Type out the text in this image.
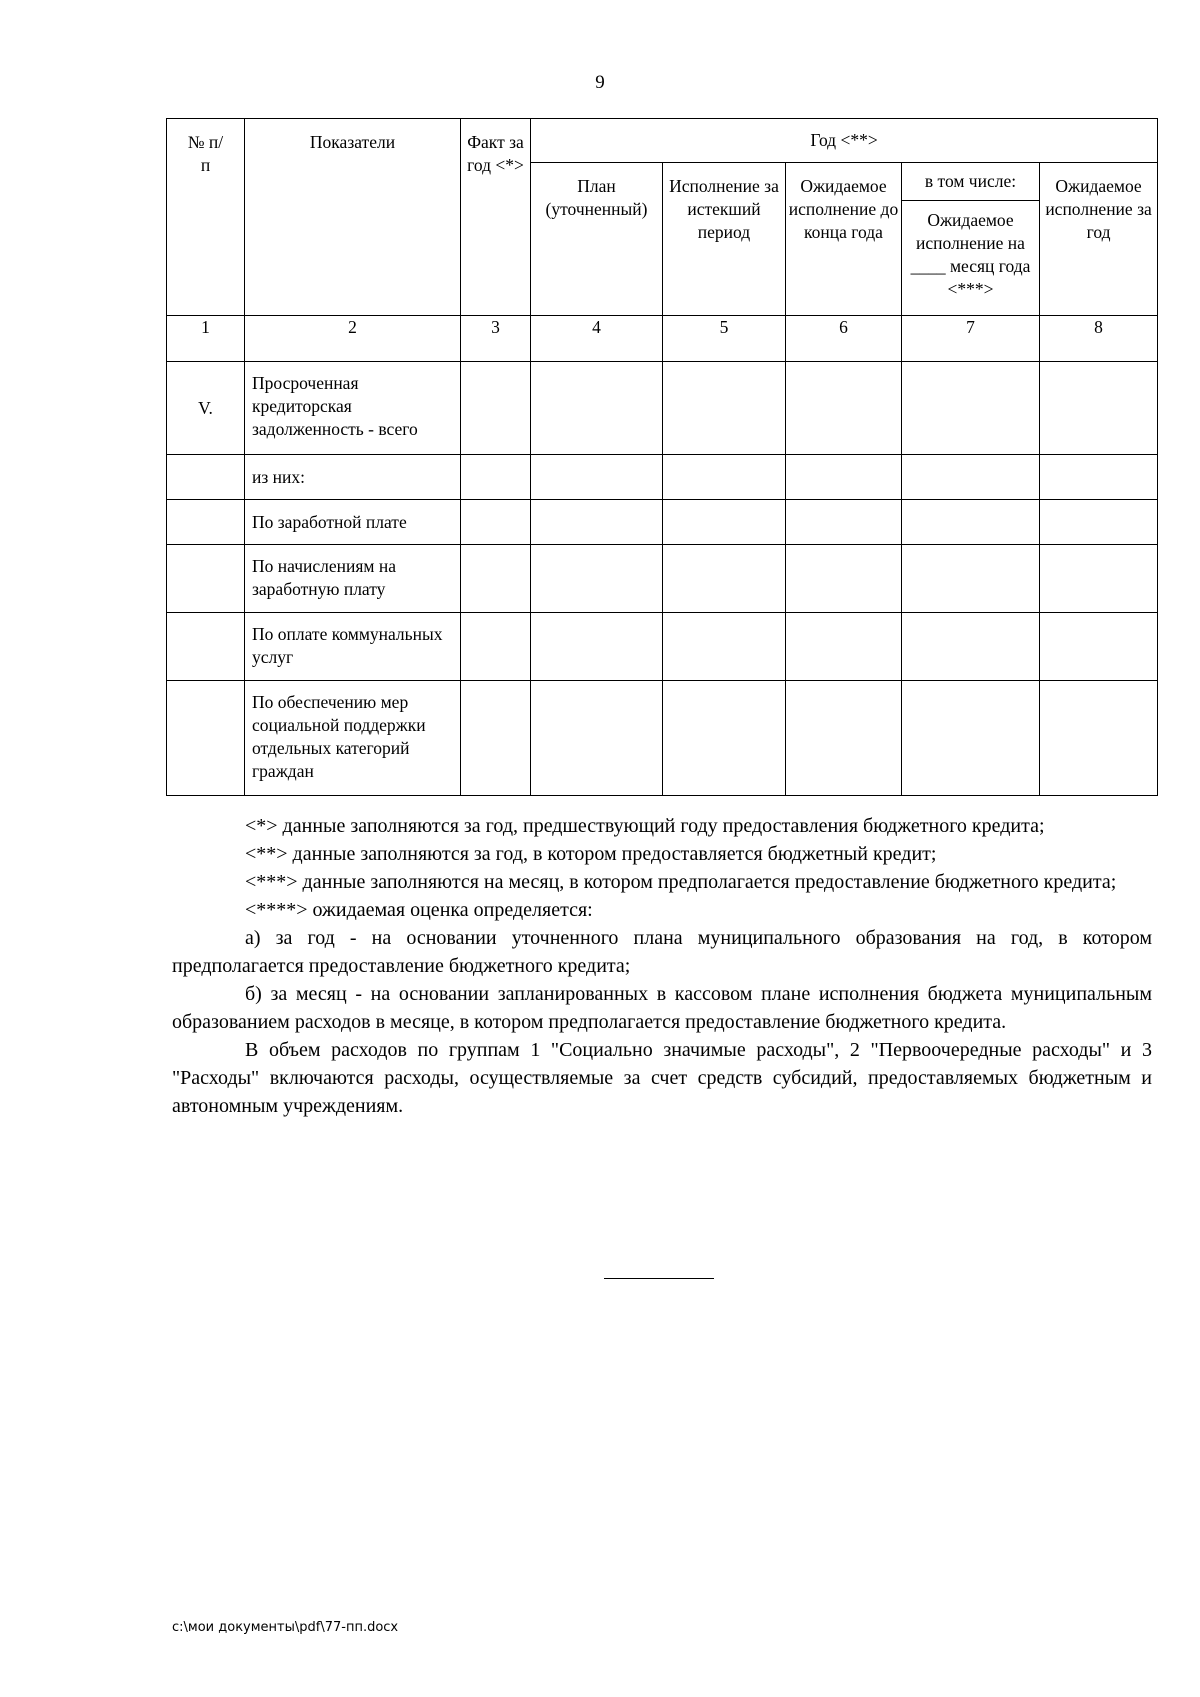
9
№ п/п	Показатели	Факт за год <*>	Год <**>				
			План (уточненный)	Исполнение за истекший период	Ожидаемое исполнение до конца года	в том числе:	Ожидаемое исполнение за год

						Ожидаемое исполнение на ____ месяц года <***>	

1	2	3	4	5	6	7	8
V.	Просроченная кредиторская задолженность - всего						
	из них:						
	По заработной плате						
	По начислениям на заработную плату						
	По оплате коммунальных услуг						
	По обеспечению мер социальной поддержки отдельных категорий граждан						

<*> данные заполняются за год, предшествующий году предоставления бюджетного кредита;

<**> данные заполняются за год, в котором предоставляется бюджетный кредит;

<***> данные заполняются на месяц, в котором предполагается предоставление бюджетного кредита;

<****> ожидаемая оценка определяется:

а) за год - на основании уточненного плана муниципального образования на год, в котором предполагается предоставление бюджетного кредита;

б) за месяц - на основании запланированных в кассовом плане исполнения бюджета муниципальным образованием расходов в месяце, в котором предполагается предоставление бюджетного кредита.

В объем расходов по группам 1 "Социально значимые расходы", 2 "Первоочередные расходы" и 3 "Расходы" включаются расходы, осуществляемые за счет средств субсидий, предоставляемых бюджетным и автономным учреждениям.

c:\мои документы\pdf\77-пп.docx
